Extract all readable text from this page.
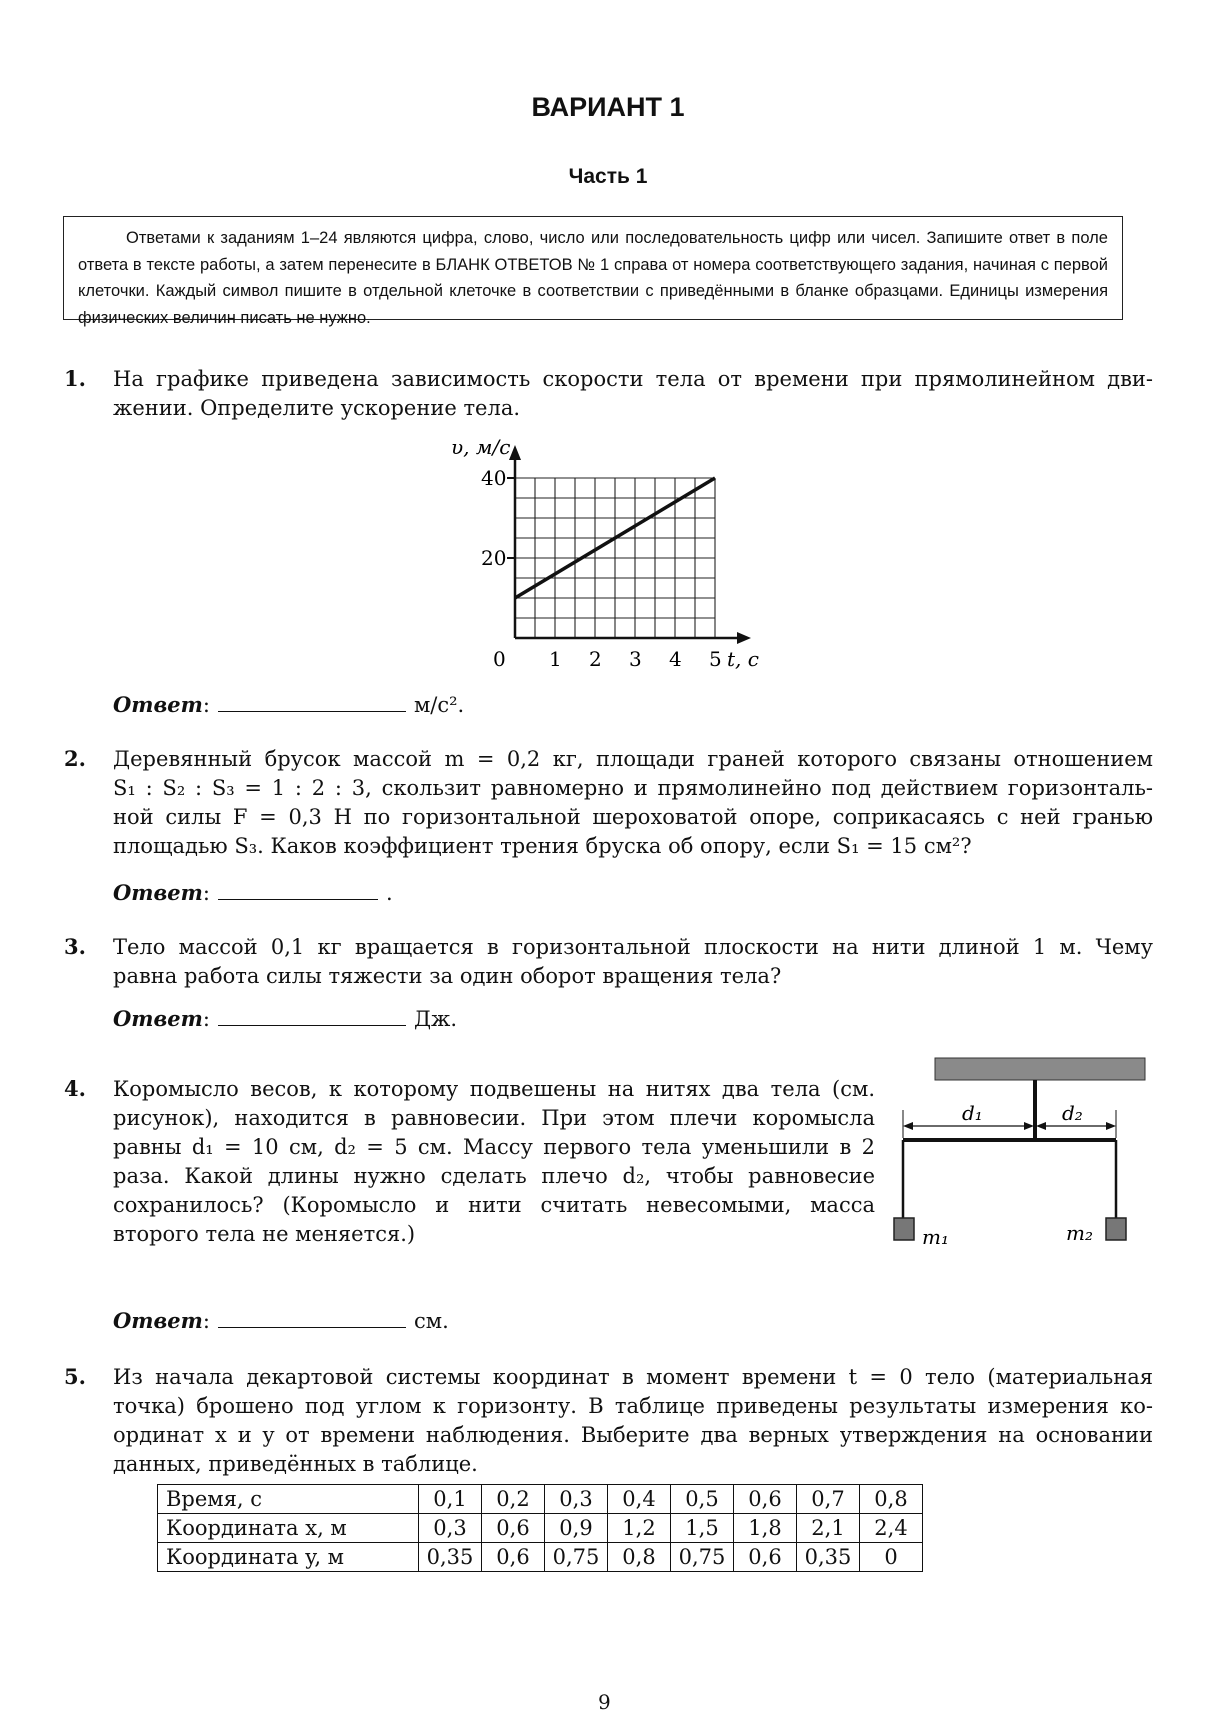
ВАРИАНТ 1
Часть 1
Ответами к заданиям 1–24 являются цифра, слово, число или последовательность цифр или чисел. Запишите ответ в поле ответа в тексте работы, а затем перенесите в БЛАНК ОТВЕТОВ № 1 справа от номера соответствующего задания, начиная с первой клеточки. Каждый символ пишите в отдельной клеточке в соответствии с приведёнными в бланке образцами. Единицы измерения физических величин писать не нужно.
1. На графике приведена зависимость скорости тела от времени при прямолинейном дви-
жении. Определите ускорение тела.
0 1 2 3 4 5
20
40
t, с
υ, м/с
Ответ:	м/с².
2. Деревянный брусок массой m = 0,2 кг, площади граней которого связаны отношением
S₁ : S₂ : S₃ = 1 : 2 : 3, скользит равномерно и прямолинейно под действием горизонталь-
ной силы F = 0,3 Н по горизонтальной шероховатой опоре, соприкасаясь с ней гранью
площадью S₃. Каков коэффициент трения бруска об опору, если S₁ = 15 см²?
Ответ:	.
3. Тело массой 0,1 кг вращается в горизонтальной плоскости на нити длиной 1 м. Чему
равна работа силы тяжести за один оборот вращения тела?
Ответ:	Дж.
4. Коромысло весов, к которому подвешены на нитях два тела (см.
рисунок), находится в равновесии. При этом плечи коромысла
равны d₁ = 10 см, d₂ = 5 см. Массу первого тела уменьшили в 2
раза. Какой длины нужно сделать плечо d₂, чтобы равновесие
сохранилось? (Коромысло и нити считать невесомыми, масса
второго тела не меняется.)
d₁	d₂
m₁	m₂
Ответ:	см.
5. Из начала декартовой системы координат в момент времени t = 0 тело (материальная
точка) брошено под углом к горизонту. В таблице приведены результаты измерения ко-
ординат x и y от времени наблюдения. Выберите два верных утверждения на основании
данных, приведённых в таблице.
Время, с	0,1	0,2	0,3	0,4	0,5	0,6	0,7	0,8
Координата x, м	0,3	0,6	0,9	1,2	1,5	1,8	2,1	2,4
Координата y, м	0,35	0,6	0,75	0,8	0,75	0,6	0,35	0
9
